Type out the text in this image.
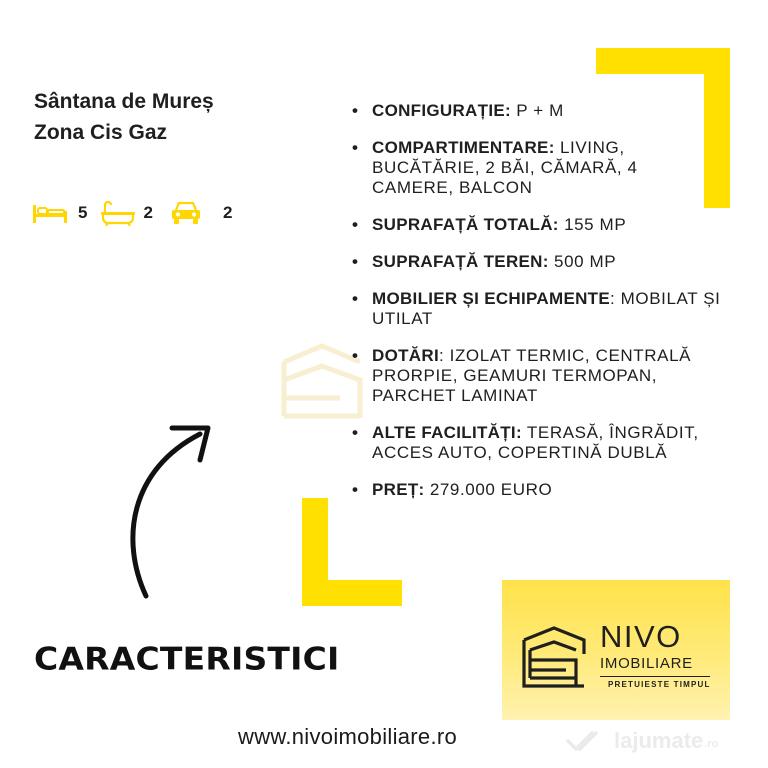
Sântana de Mureș
Zona Cis Gaz
5	2	2
• CONFIGURAȚIE: P + M
• COMPARTIMENTARE: LIVING, BUCĂTĂRIE, 2 BĂI, CĂMARĂ, 4 CAMERE, BALCON
• SUPRAFAȚĂ TOTALĂ: 155 MP
• SUPRAFAȚĂ TEREN: 500 MP
• MOBILIER ȘI ECHIPAMENTE: MOBILAT ȘI UTILAT
• DOTĂRI: IZOLAT TERMIC, CENTRALĂ PRORPIE, GEAMURI TERMOPAN, PARCHET LAMINAT
• ALTE FACILITĂȚI: TERASĂ, ÎNGRĂDIT, ACCES AUTO, COPERTINĂ DUBLĂ
• PREȚ: 279.000 EURO
CARACTERISTICI
NIVO
IMOBILIARE
PRETUIESTE TIMPUL
www.nivoimobiliare.ro	lajumate .ro
